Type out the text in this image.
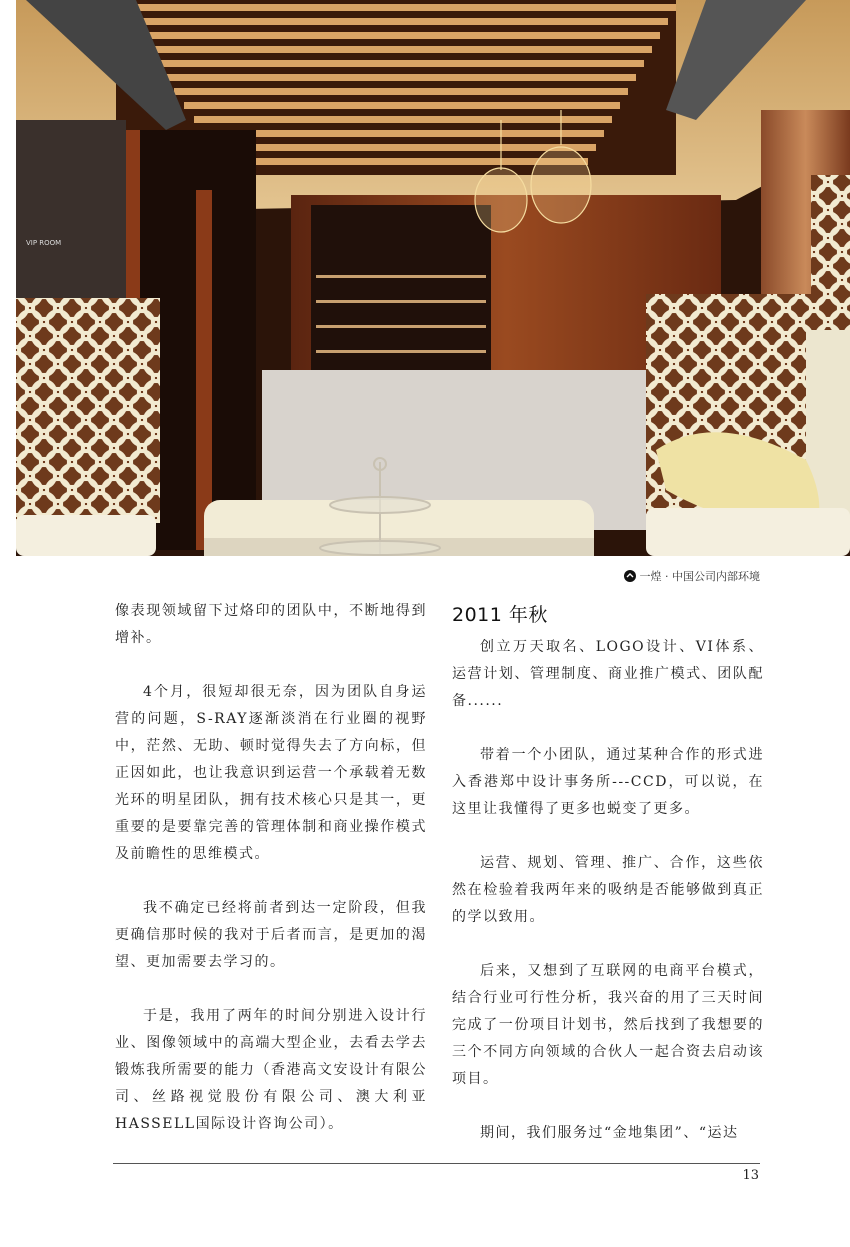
VIP ROOM
一煌 · 中国公司内部环境

像表现领域留下过烙印的团队中，不断地得到增补。

4个月，很短却很无奈，因为团队自身运营的问题，S-RAY逐渐淡消在行业圈的视野中，茫然、无助、顿时觉得失去了方向标，但正因如此，也让我意识到运营一个承载着无数光环的明星团队，拥有技术核心只是其一，更重要的是要靠完善的管理体制和商业操作模式及前瞻性的思维模式。

我不确定已经将前者到达一定阶段，但我更确信那时候的我对于后者而言，是更加的渴望、更加需要去学习的。

于是，我用了两年的时间分别进入设计行业、图像领域中的高端大型企业，去看去学去锻炼我所需要的能力（香港高文安设计有限公司、丝路视觉股份有限公司、澳大利亚HASSELL国际设计咨询公司）。

2011 年秋

创立万天取名、LOGO设计、VI体系、运营计划、管理制度、商业推广模式、团队配备......

带着一个小团队，通过某种合作的形式进入香港郑中设计事务所---CCD，可以说，在这里让我懂得了更多也蜕变了更多。

运营、规划、管理、推广、合作，这些依然在检验着我两年来的吸纳是否能够做到真正的学以致用。

后来，又想到了互联网的电商平台模式，结合行业可行性分析，我兴奋的用了三天时间完成了一份项目计划书，然后找到了我想要的三个不同方向领域的合伙人一起合资去启动该项目。

期间，我们服务过“金地集团”、“运达

13
